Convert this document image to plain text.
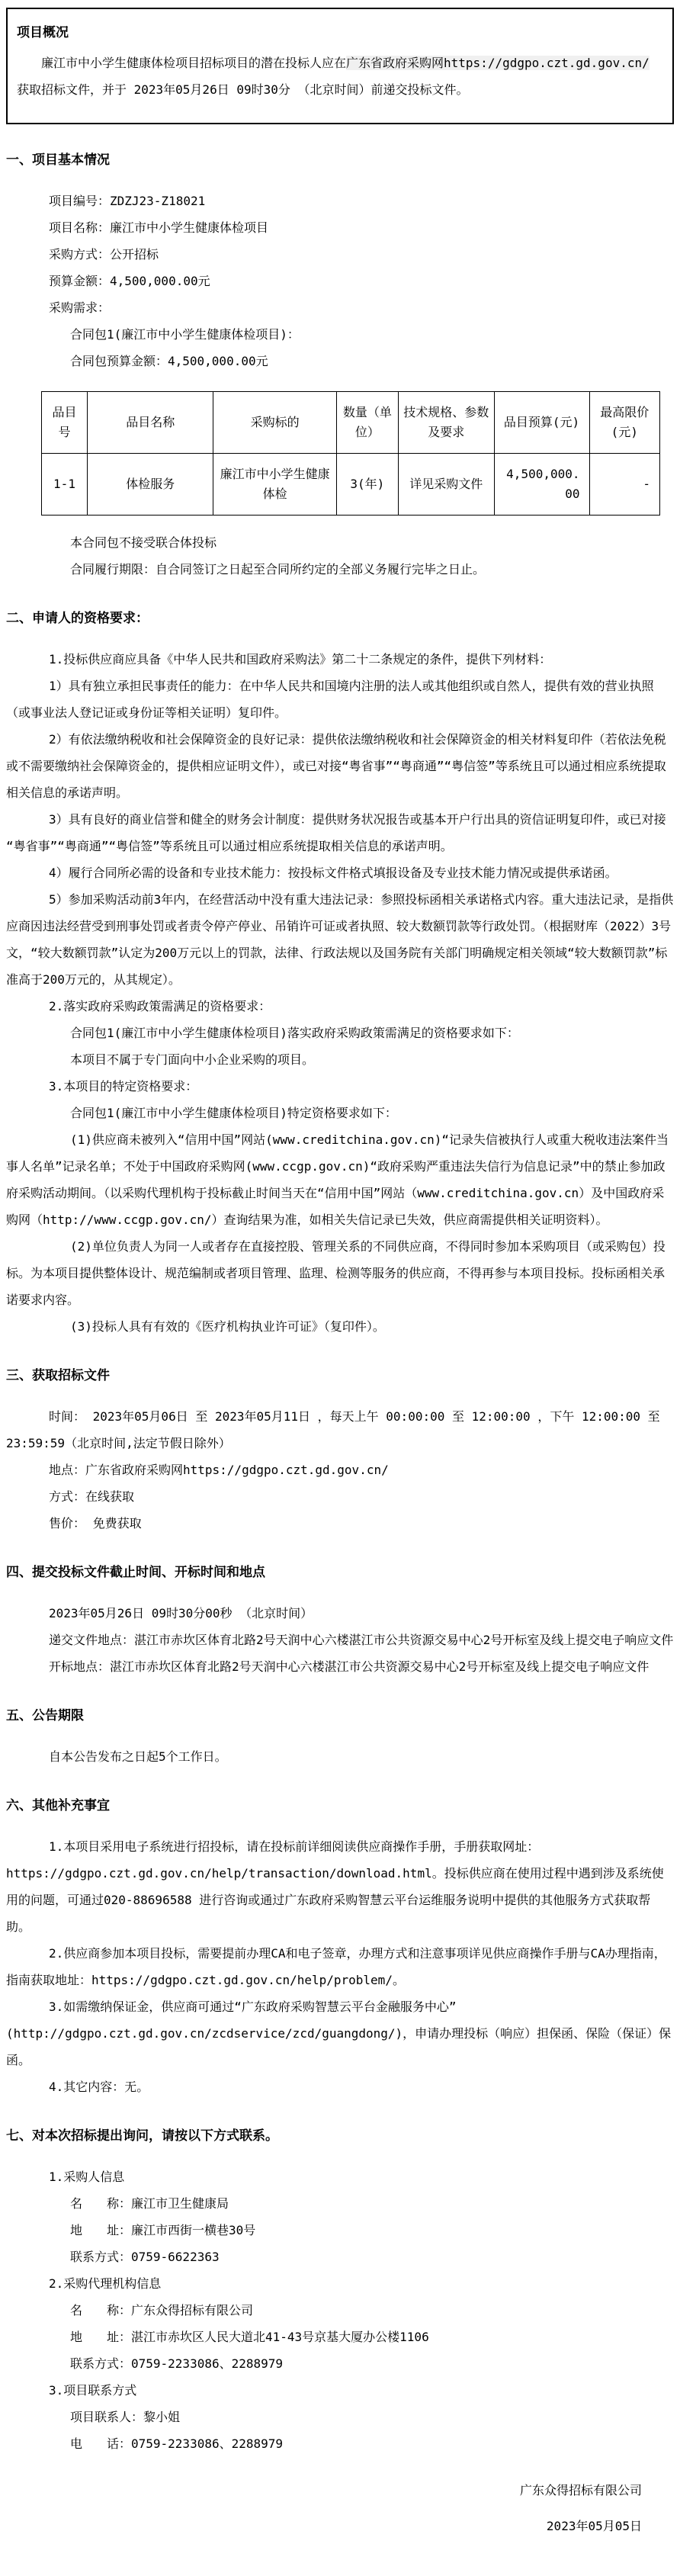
项目概况

廉江市中小学生健康体检项目招标项目的潜在投标人应在广东省政府采购网https://gdgpo.czt.gd.gov.cn/获取招标文件，并于 2023年05月26日 09时30分 （北京时间）前递交投标文件。

一、项目基本情况

项目编号：ZDZJ23-Z18021

项目名称：廉江市中小学生健康体检项目

采购方式：公开招标

预算金额：4,500,000.00元

采购需求：

合同包1(廉江市中小学生健康体检项目)：

合同包预算金额：4,500,000.00元

品目号	品目名称	采购标的	数量（单位）	技术规格、参数及要求	品目预算(元)	最高限价(元)
1-1	体检服务	廉江市中小学生健康体检	3(年)	详见采购文件	4,500,000.00	-

本合同包不接受联合体投标

合同履行期限：自合同签订之日起至合同所约定的全部义务履行完毕之日止。

二、申请人的资格要求：

1.投标供应商应具备《中华人民共和国政府采购法》第二十二条规定的条件，提供下列材料：

1）具有独立承担民事责任的能力：在中华人民共和国境内注册的法人或其他组织或自然人，提供有效的营业执照（或事业法人登记证或身份证等相关证明）复印件。

2）有依法缴纳税收和社会保障资金的良好记录：提供依法缴纳税收和社会保障资金的相关材料复印件（若依法免税或不需要缴纳社会保障资金的，提供相应证明文件），或已对接“粤省事”“粤商通”“粤信签”等系统且可以通过相应系统提取相关信息的承诺声明。

3）具有良好的商业信誉和健全的财务会计制度：提供财务状况报告或基本开户行出具的资信证明复印件，或已对接“粤省事”“粤商通”“粤信签”等系统且可以通过相应系统提取相关信息的承诺声明。

4）履行合同所必需的设备和专业技术能力：按投标文件格式填报设备及专业技术能力情况或提供承诺函。

5）参加采购活动前3年内，在经营活动中没有重大违法记录：参照投标函相关承诺格式内容。重大违法记录，是指供应商因违法经营受到刑事处罚或者责令停产停业、吊销许可证或者执照、较大数额罚款等行政处罚。（根据财库（2022）3号文，“较大数额罚款”认定为200万元以上的罚款，法律、行政法规以及国务院有关部门明确规定相关领域“较大数额罚款”标准高于200万元的，从其规定）。

2.落实政府采购政策需满足的资格要求：

合同包1(廉江市中小学生健康体检项目)落实政府采购政策需满足的资格要求如下：

本项目不属于专门面向中小企业采购的项目。

3.本项目的特定资格要求：

合同包1(廉江市中小学生健康体检项目)特定资格要求如下：

(1)供应商未被列入“信用中国”网站(www.creditchina.gov.cn)“记录失信被执行人或重大税收违法案件当事人名单”记录名单；不处于中国政府采购网(www.ccgp.gov.cn)“政府采购严重违法失信行为信息记录”中的禁止参加政府采购活动期间。（以采购代理机构于投标截止时间当天在“信用中国”网站（www.creditchina.gov.cn）及中国政府采购网（http://www.ccgp.gov.cn/）查询结果为准，如相关失信记录已失效，供应商需提供相关证明资料）。

(2)单位负责人为同一人或者存在直接控股、管理关系的不同供应商，不得同时参加本采购项目（或采购包）投标。为本项目提供整体设计、规范编制或者项目管理、监理、检测等服务的供应商，不得再参与本项目投标。投标函相关承诺要求内容。

(3)投标人具有有效的《医疗机构执业许可证》（复印件）。

三、获取招标文件

时间： 2023年05月06日 至 2023年05月11日 ，每天上午 00:00:00 至 12:00:00 ，下午 12:00:00 至 23:59:59（北京时间,法定节假日除外）

地点：广东省政府采购网https://gdgpo.czt.gd.gov.cn/

方式：在线获取

售价： 免费获取

四、提交投标文件截止时间、开标时间和地点

2023年05月26日 09时30分00秒 （北京时间）

递交文件地点：湛江市赤坎区体育北路2号天润中心六楼湛江市公共资源交易中心2号开标室及线上提交电子响应文件

开标地点：湛江市赤坎区体育北路2号天润中心六楼湛江市公共资源交易中心2号开标室及线上提交电子响应文件

五、公告期限

自本公告发布之日起5个工作日。

六、其他补充事宜

1.本项目采用电子系统进行招投标，请在投标前详细阅读供应商操作手册，手册获取网址：https://gdgpo.czt.gd.gov.cn/help/transaction/download.html。投标供应商在使用过程中遇到涉及系统使用的问题，可通过020-88696588 进行咨询或通过广东政府采购智慧云平台运维服务说明中提供的其他服务方式获取帮助。

2.供应商参加本项目投标，需要提前办理CA和电子签章，办理方式和注意事项详见供应商操作手册与CA办理指南，指南获取地址：https://gdgpo.czt.gd.gov.cn/help/problem/。

3.如需缴纳保证金，供应商可通过“广东政府采购智慧云平台金融服务中心”(http://gdgpo.czt.gd.gov.cn/zcdservice/zcd/guangdong/)，申请办理投标（响应）担保函、保险（保证）保函。

4.其它内容：无。

七、对本次招标提出询问，请按以下方式联系。

1.采购人信息

名　　称：廉江市卫生健康局

地　　址：廉江市西街一横巷30号

联系方式：0759-6622363

2.采购代理机构信息

名　　称：广东众得招标有限公司

地　　址：湛江市赤坎区人民大道北41-43号京基大厦办公楼1106

联系方式：0759-2233086、2288979

3.项目联系方式

项目联系人：黎小姐

电　　话：0759-2233086、2288979

广东众得招标有限公司

2023年05月05日
